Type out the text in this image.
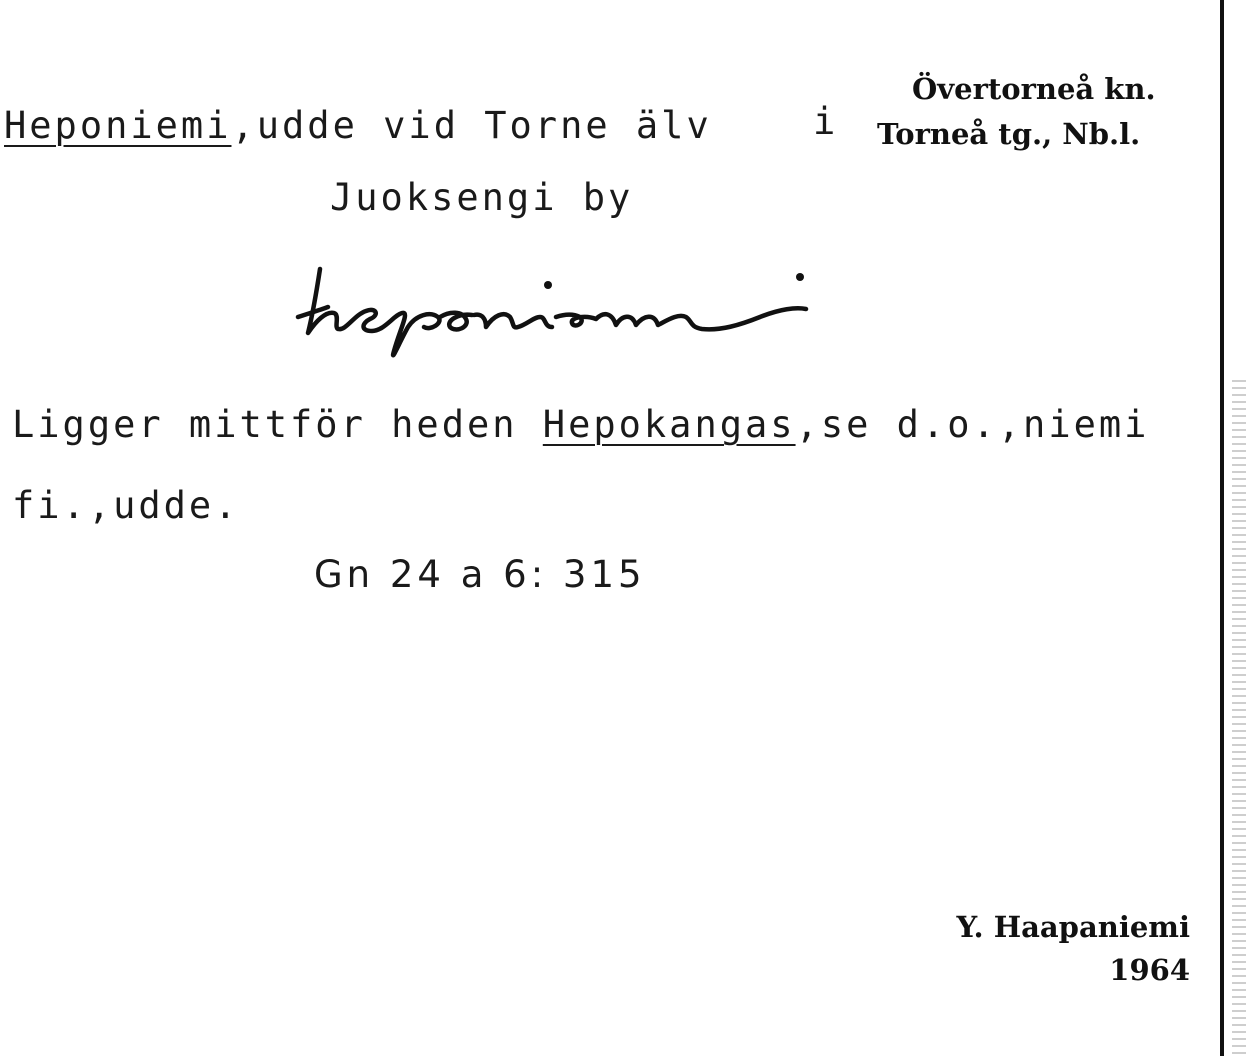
Heponiemi,udde vid Torne älv	i
Övertorneå kn.
Torneå tg., Nb.l.
Juoksengi by
Ligger mittför heden Hepokangas,se d.o.,niemi
fi.,udde.
Gn 24 a 6: 315
Y. Haapaniemi
1964
